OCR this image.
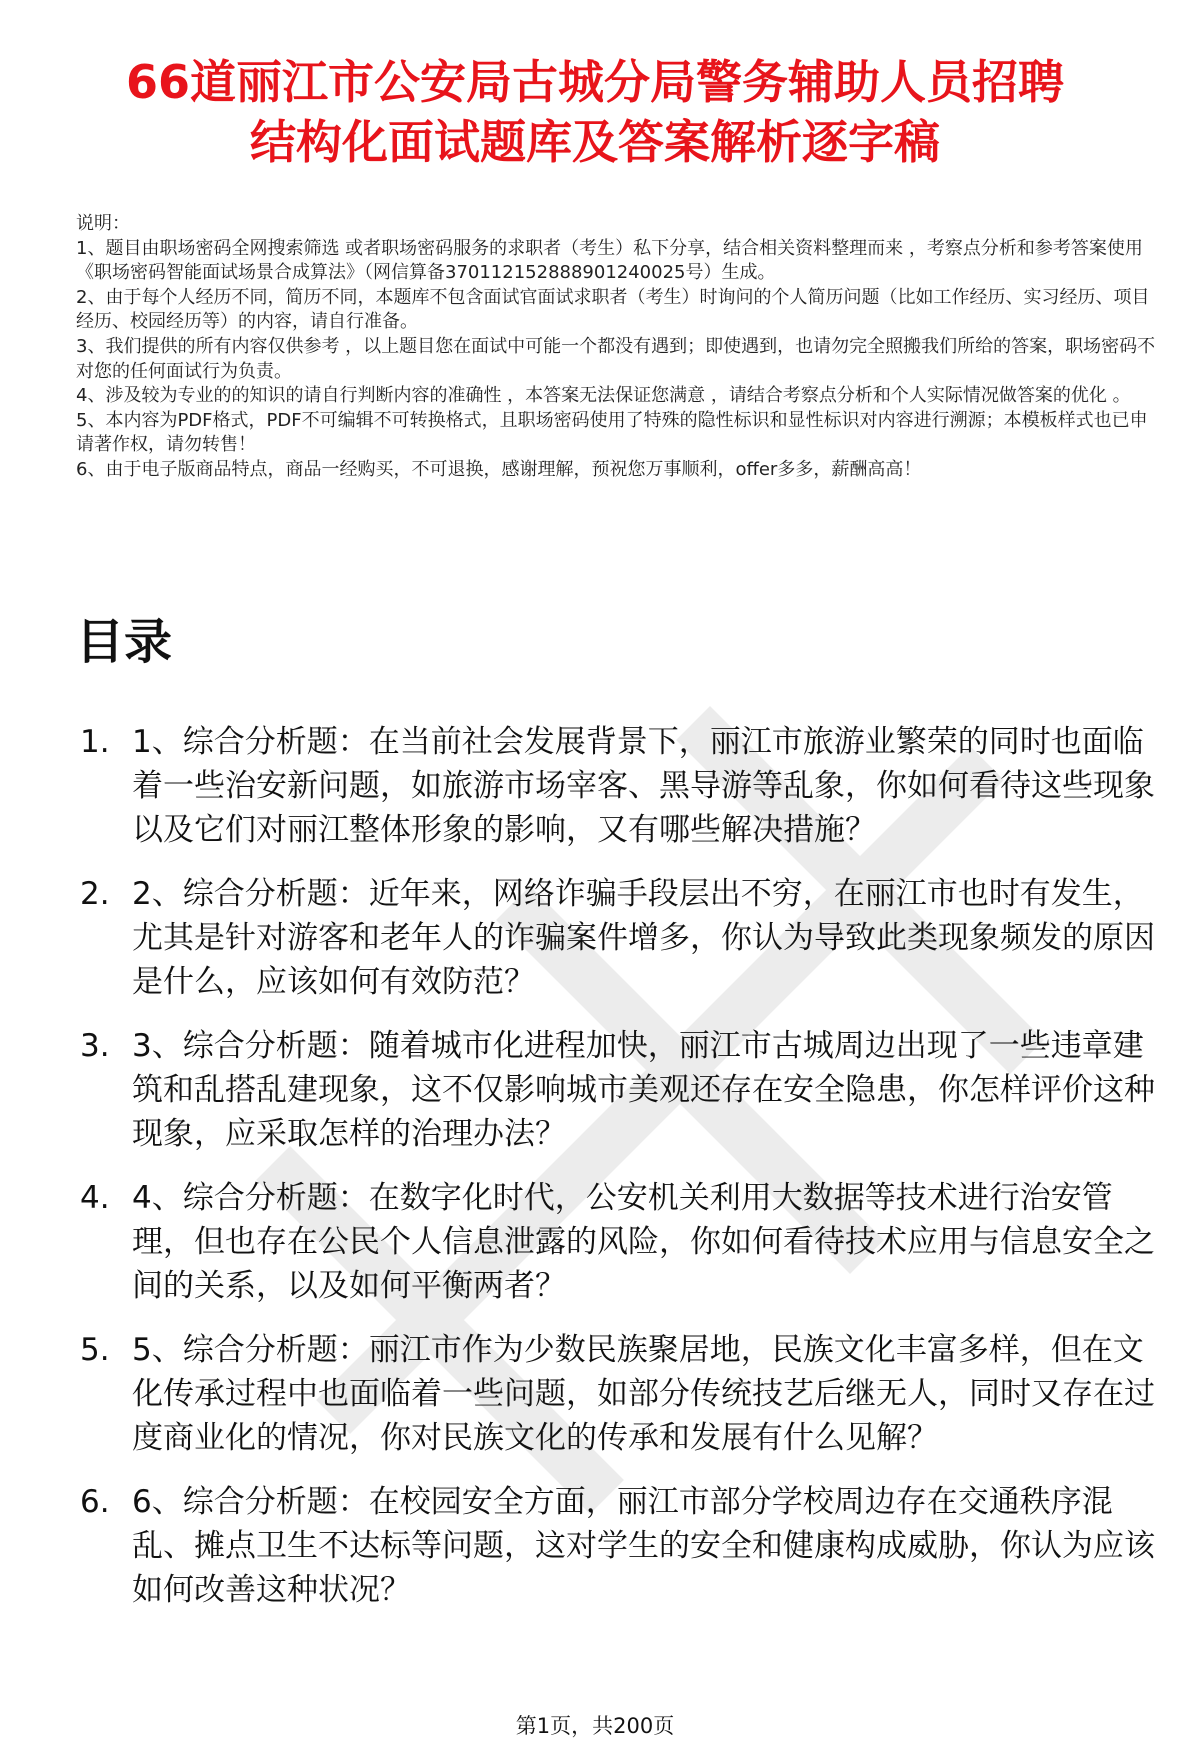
66道丽江市公安局古城分局警务辅助人员招聘
结构化面试题库及答案解析逐字稿

说明：

1、题目由职场密码全网搜索筛选 或者职场密码服务的求职者（考生）私下分享，结合相关资料整理而来 ，考察点分析和参考答案使用《职场密码智能面试场景合成算法》（网信算备370112152888901240025号）生成。

2、由于每个人经历不同，简历不同，本题库不包含面试官面试求职者（考生）时询问的个人简历问题（比如工作经历、实习经历、项目经历、校园经历等）的内容，请自行准备。

3、我们提供的所有内容仅供参考 ，以上题目您在面试中可能一个都没有遇到；即使遇到，也请勿完全照搬我们所给的答案，职场密码不对您的任何面试行为负责。

4、涉及较为专业的的知识的请自行判断内容的准确性 ，本答案无法保证您满意 ，请结合考察点分析和个人实际情况做答案的优化 。

5、本内容为PDF格式，PDF不可编辑不可转换格式，且职场密码使用了特殊的隐性标识和显性标识对内容进行溯源；本模板样式也已申请著作权，请勿转售！

6、由于电子版商品特点，商品一经购买，不可退换，感谢理解，预祝您万事顺利，offer多多，薪酬高高！

目录
1. 1、综合分析题：在当前社会发展背景下，丽江市旅游业繁荣的同时也面临着一些治安新问题，如旅游市场宰客、黑导游等乱象，你如何看待这些现象以及它们对丽江整体形象的影响，又有哪些解决措施？
2. 2、综合分析题：近年来，网络诈骗手段层出不穷，在丽江市也时有发生，尤其是针对游客和老年人的诈骗案件增多，你认为导致此类现象频发的原因是什么，应该如何有效防范？
3. 3、综合分析题：随着城市化进程加快，丽江市古城周边出现了一些违章建筑和乱搭乱建现象，这不仅影响城市美观还存在安全隐患，你怎样评价这种现象，应采取怎样的治理办法？
4. 4、综合分析题：在数字化时代，公安机关利用大数据等技术进行治安管理，但也存在公民个人信息泄露的风险，你如何看待技术应用与信息安全之间的关系，以及如何平衡两者？
5. 5、综合分析题：丽江市作为少数民族聚居地，民族文化丰富多样，但在文化传承过程中也面临着一些问题，如部分传统技艺后继无人，同时又存在过度商业化的情况，你对民族文化的传承和发展有什么见解？
6. 6、综合分析题：在校园安全方面，丽江市部分学校周边存在交通秩序混乱、摊点卫生不达标等问题，这对学生的安全和健康构成威胁，你认为应该如何改善这种状况？
第1页，共200页
